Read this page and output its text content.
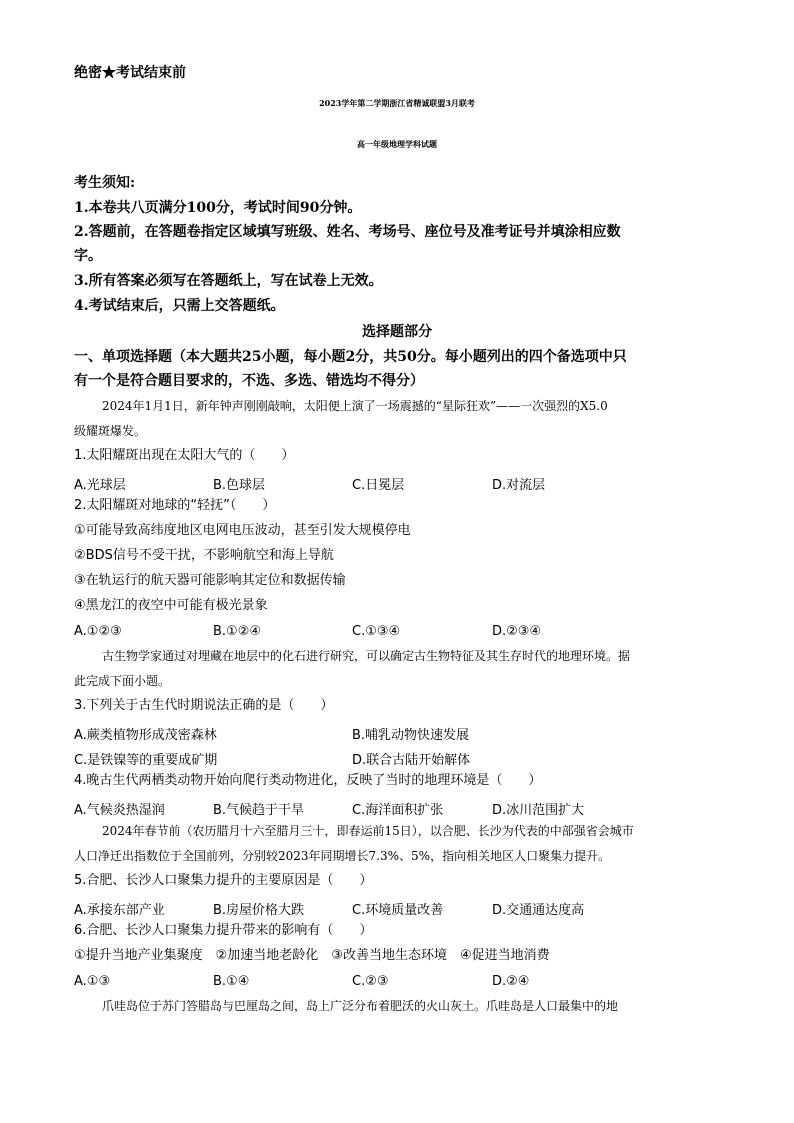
绝密★考试结束前
2023学年第二学期浙江省精诚联盟3月联考
高一年级地理学科试题
考生须知:
1.本卷共八页满分100分，考试时间90分钟。
2.答题前，在答题卷指定区域填写班级、姓名、考场号、座位号及准考证号并填涂相应数
字。
3.所有答案必须写在答题纸上，写在试卷上无效。
4.考试结束后，只需上交答题纸。
选择题部分
一、单项选择题（本大题共25小题，每小题2分，共50分。每小题列出的四个备选项中只
有一个是符合题目要求的，不选、多选、错选均不得分）
2024年1月1日，新年钟声刚刚敲响，太阳便上演了一场震撼的“星际狂欢”——一次强烈的X5.0
级耀斑爆发。
1.太阳耀斑出现在太阳大气的（　　）
A.光球层	B.色球层	C.日冕层	D.对流层
2.太阳耀斑对地球的“轻抚”（　　）
①可能导致高纬度地区电网电压波动，甚至引发大规模停电
②BDS信号不受干扰，不影响航空和海上导航
③在轨运行的航天器可能影响其定位和数据传输
④黑龙江的夜空中可能有极光景象
A.①②③	B.①②④	C.①③④	D.②③④
古生物学家通过对埋藏在地层中的化石进行研究，可以确定古生物特征及其生存时代的地理环境。据
此完成下面小题。
3.下列关于古生代时期说法正确的是（　　）
A.蕨类植物形成茂密森林	B.哺乳动物快速发展
C.是铁镍等的重要成矿期	D.联合古陆开始解体
4.晚古生代两栖类动物开始向爬行类动物进化，反映了当时的地理环境是（　　）
A.气候炎热湿润	B.气候趋于干旱	C.海洋面积扩张	D.冰川范围扩大
2024年春节前（农历腊月十六至腊月三十，即春运前15日），以合肥、长沙为代表的中部强省会城市
人口净迁出指数位于全国前列，分别较2023年同期增长7.3%、5%，指向相关地区人口聚集力提升。
5.合肥、长沙人口聚集力提升的主要原因是（　　）
A.承接东部产业	B.房屋价格大跌	C.环境质量改善	D.交通通达度高
6.合肥、长沙人口聚集力提升带来的影响有（　　）
①提升当地产业集聚度　②加速当地老龄化　③改善当地生态环境　④促进当地消费
A.①③	B.①④	C.②③	D.②④
爪哇岛位于苏门答腊岛与巴厘岛之间，岛上广泛分布着肥沃的火山灰土。爪哇岛是人口最集中的地
